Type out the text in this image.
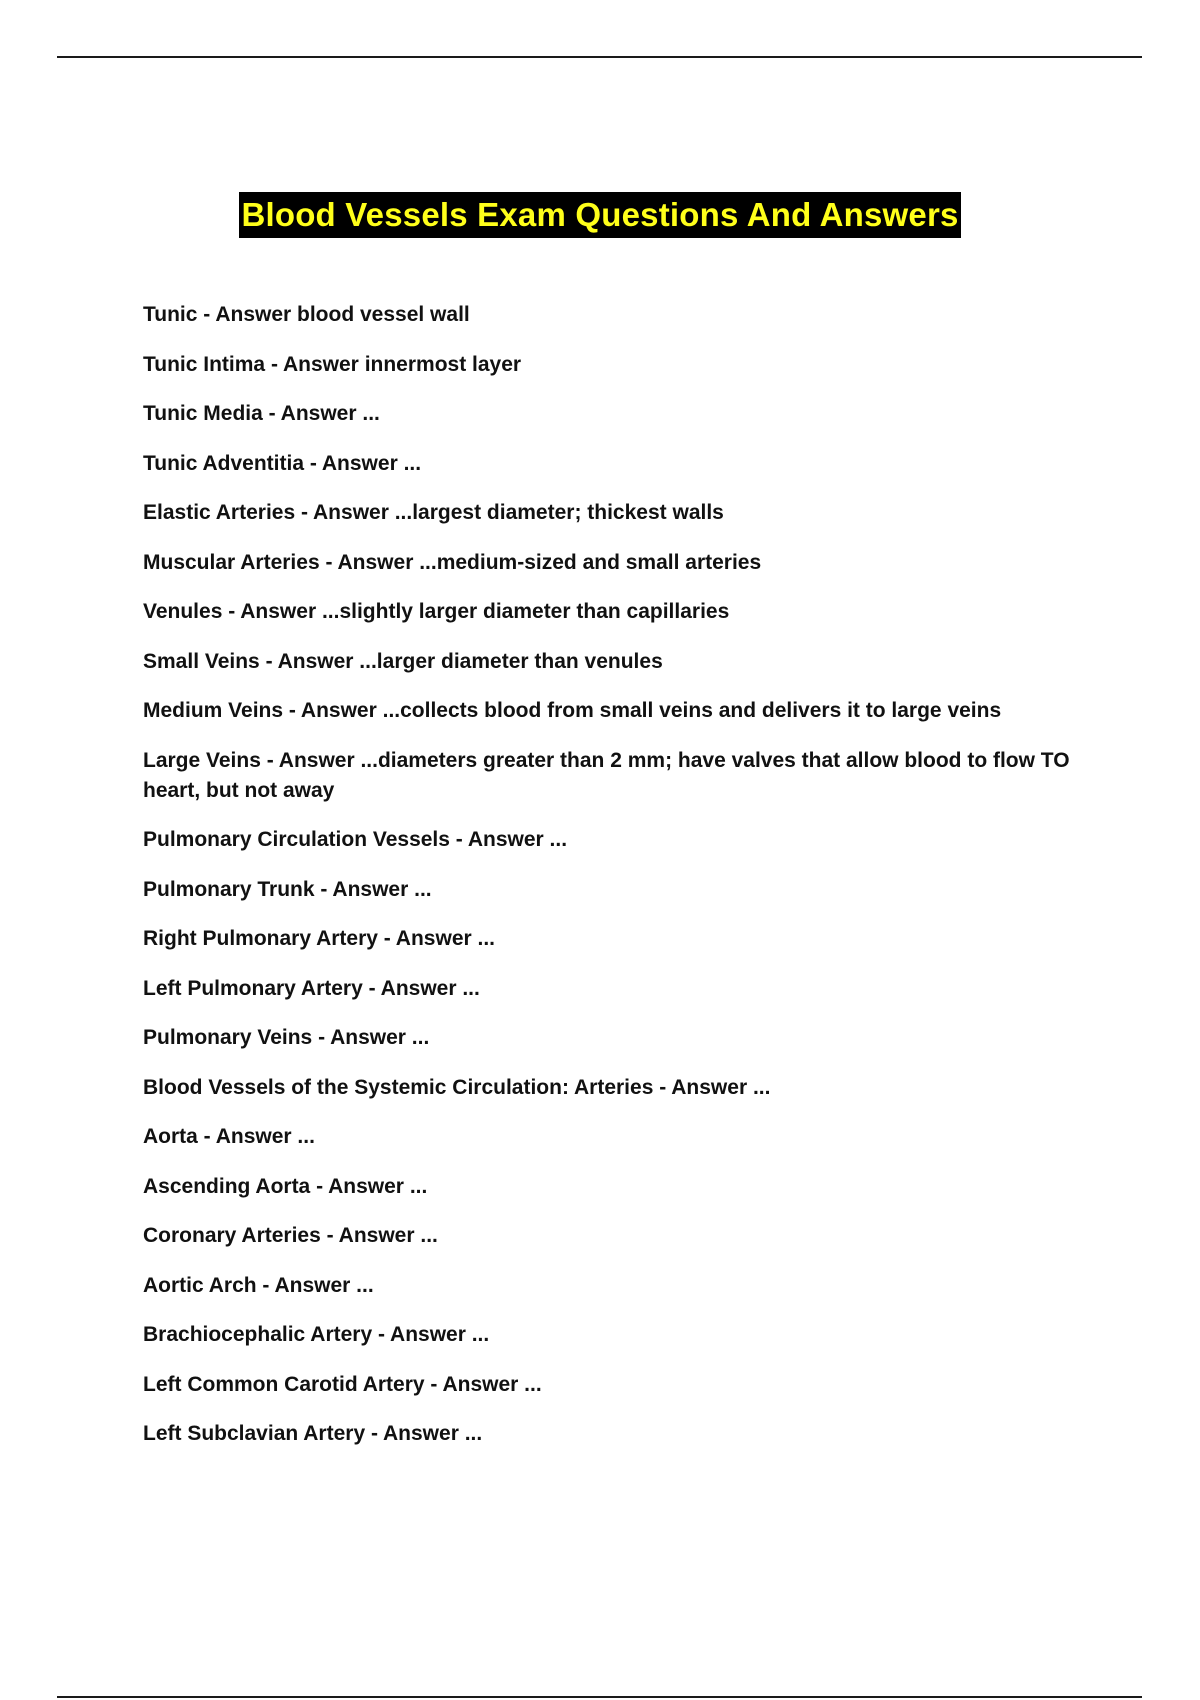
Blood Vessels Exam Questions And Answers
Tunic - Answer blood vessel wall
Tunic Intima - Answer innermost layer
Tunic Media - Answer ...
Tunic Adventitia - Answer ...
Elastic Arteries - Answer ...largest diameter; thickest walls
Muscular Arteries - Answer ...medium-sized and small arteries
Venules - Answer ...slightly larger diameter than capillaries
Small Veins - Answer ...larger diameter than venules
Medium Veins - Answer ...collects blood from small veins and delivers it to large veins
Large Veins - Answer ...diameters greater than 2 mm; have valves that allow blood to flow TO heart, but not away
Pulmonary Circulation Vessels - Answer ...
Pulmonary Trunk - Answer ...
Right Pulmonary Artery - Answer ...
Left Pulmonary Artery - Answer ...
Pulmonary Veins - Answer ...
Blood Vessels of the Systemic Circulation: Arteries - Answer ...
Aorta - Answer ...
Ascending Aorta - Answer ...
Coronary Arteries - Answer ...
Aortic Arch - Answer ...
Brachiocephalic Artery - Answer ...
Left Common Carotid Artery - Answer ...
Left Subclavian Artery - Answer ...
